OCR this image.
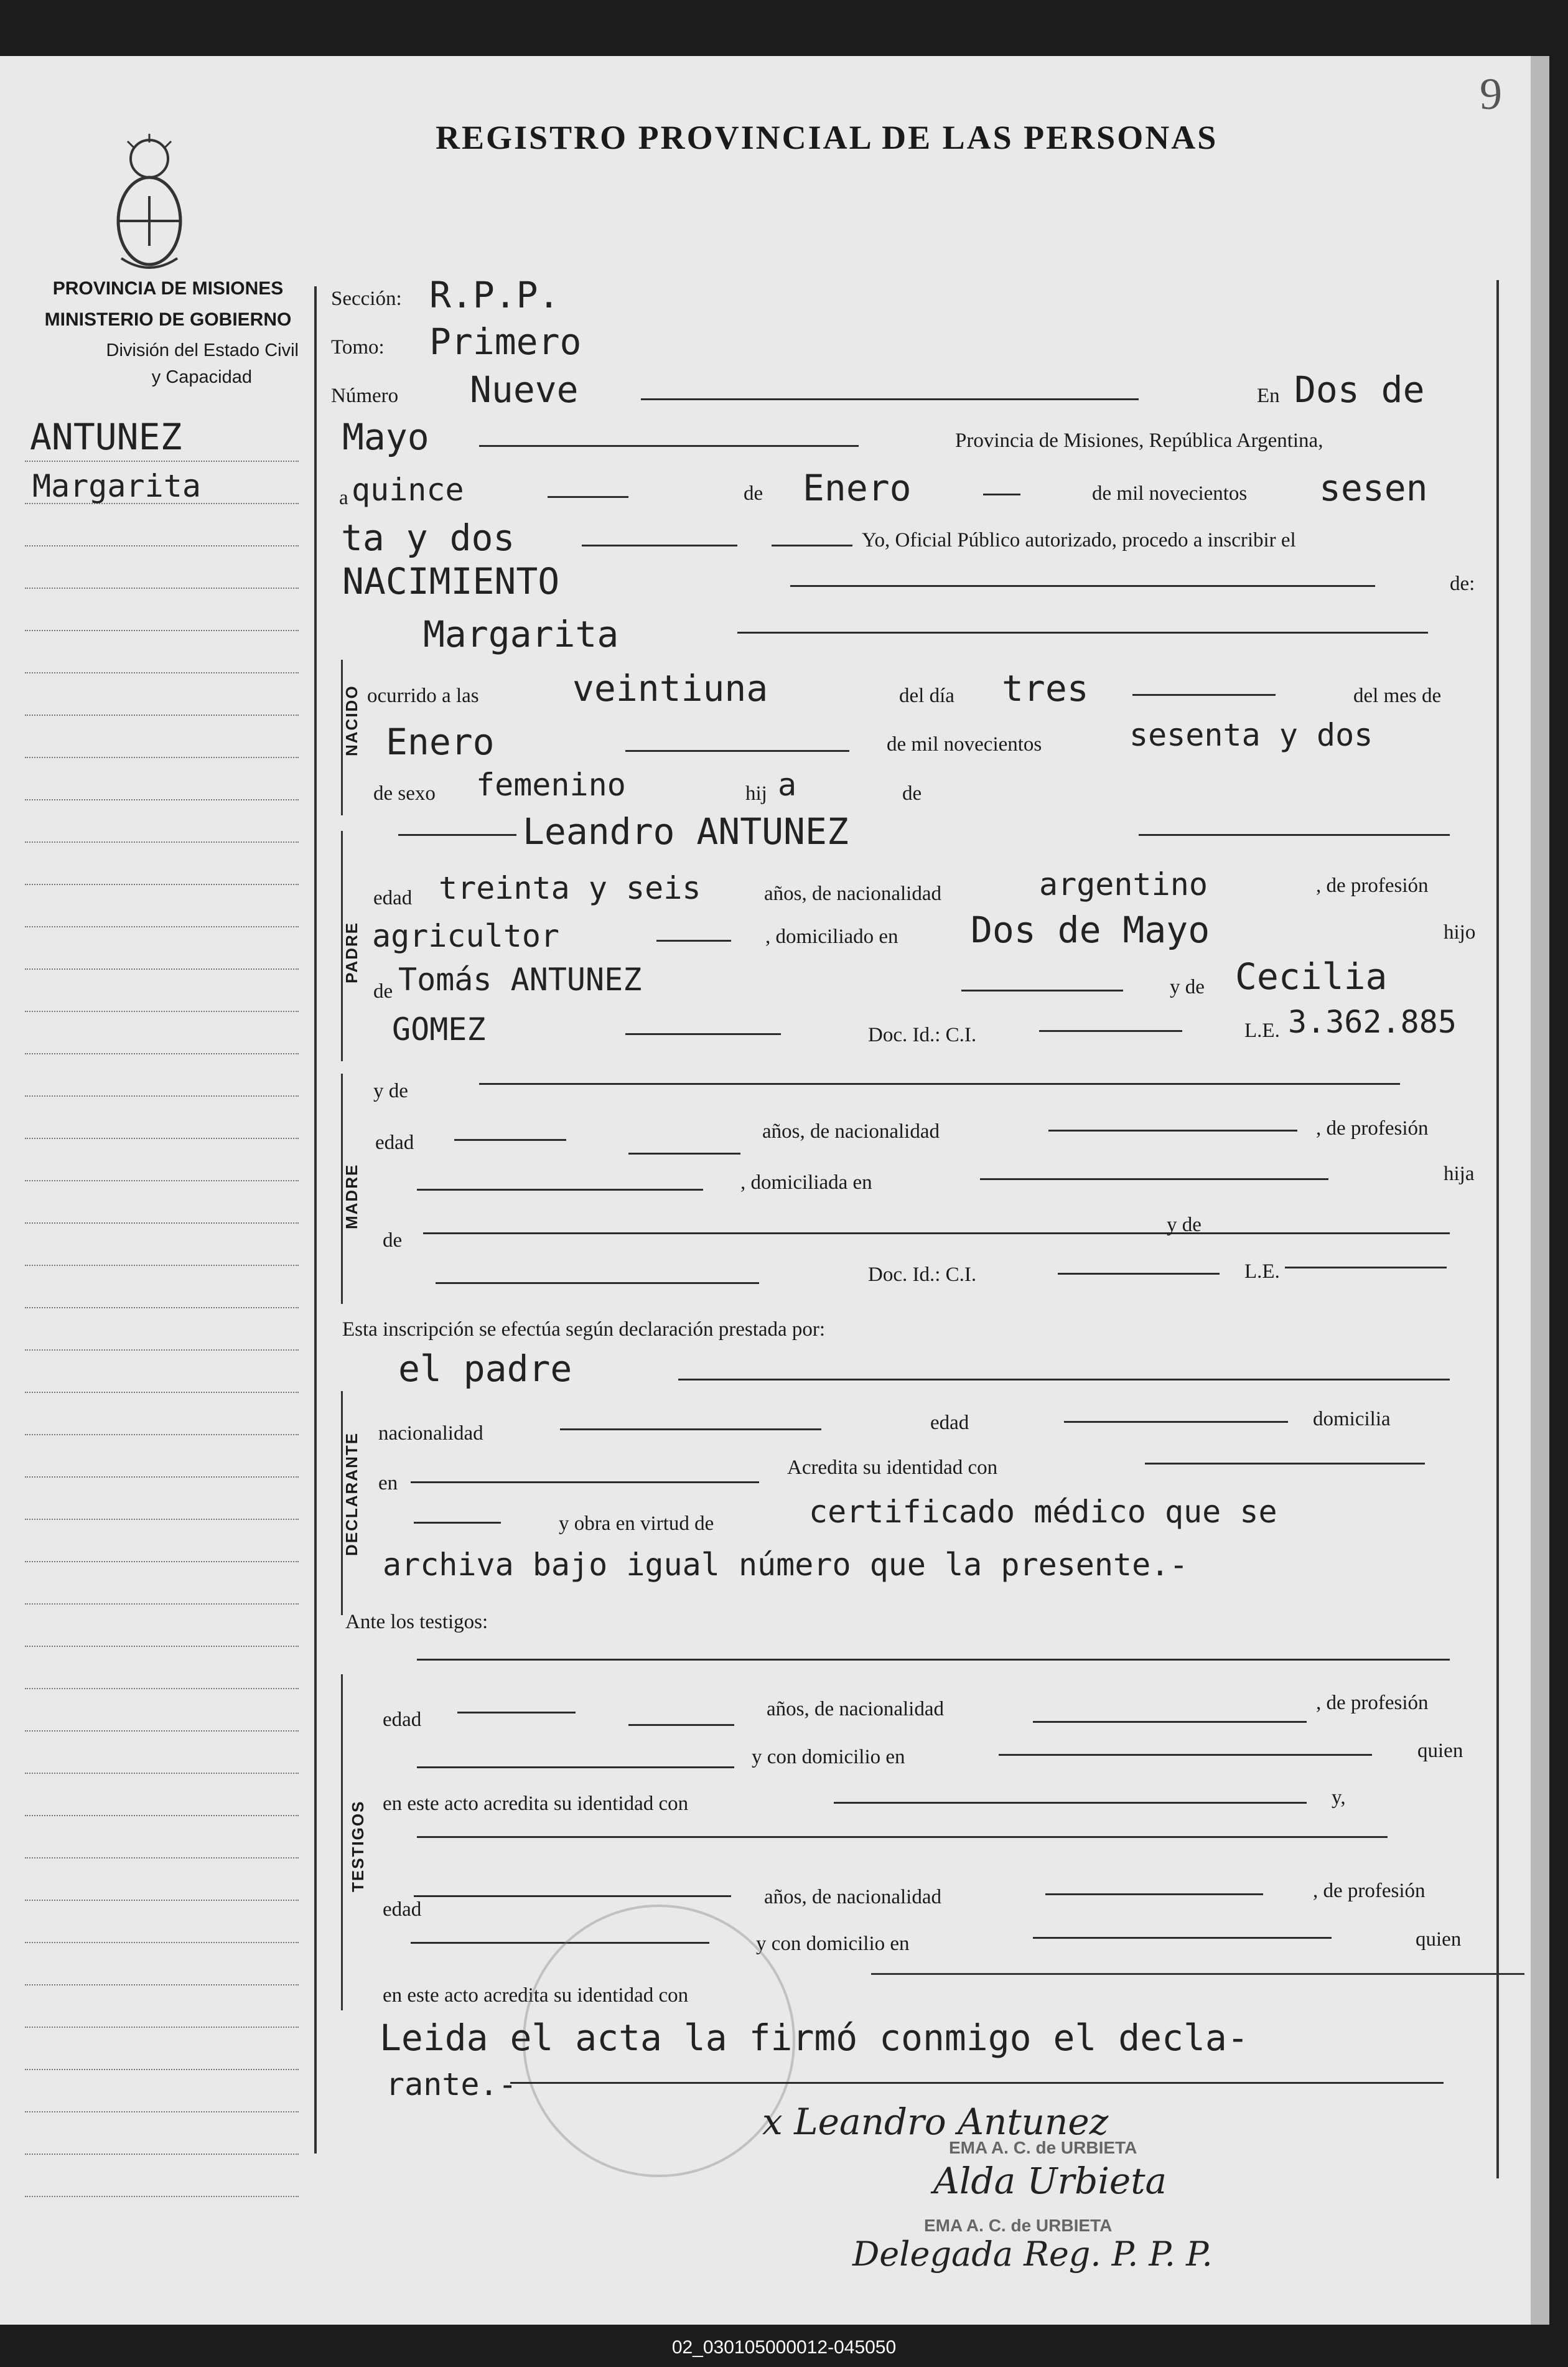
9
REGISTRO PROVINCIAL DE LAS PERSONAS
PROVINCIA DE MISIONES
MINISTERIO DE GOBIERNO
División del Estado Civil
y Capacidad
ANTUNEZ
Margarita
Sección: R.P.P.
Tomo: Primero
Número Nueve	En Dos de
Mayo	Provincia de Misiones, República Argentina,
a quince	de Enero	de mil novecientos sesen
ta y dos	Yo, Oficial Público autorizado, procedo a inscribir el
NACIMIENTO	de:
Margarita
NACIDO ocurrido a las	veintiuna	del día tres	del mes de
Enero	de mil novecientos	sesenta y dos
de sexo femenino	hij a	de
PADRE
Leandro ANTUNEZ
edad treinta y seis	años, de nacionalidad	argentino	, de profesión
agricultor	, domiciliado en Dos de Mayo	hijo
de Tomás ANTUNEZ	y de Cecilia
GOMEZ	Doc. Id.: C.I.	L.E. 3.362.885
MADRE
y de
edad	años, de nacionalidad	, de profesión
, domiciliada en	hija
de
y de
Doc. Id.: C.I.	L.E.
Esta inscripción se efectúa según declaración prestada por:
el padre
DECLARANTE nacionalidad	edad	domicilia
en
Acredita su identidad con
y obra en virtud de	certificado médico que se
archiva bajo igual número que la presente.-
Ante los testigos:
TESTIGOS
edad	años, de nacionalidad	, de profesión
y con domicilio en	quien
en este acto acredita su identidad con	y,
edad
años, de nacionalidad	, de profesión
y con domicilio en	quien
en este acto acredita su identidad con
Leida el acta la firmó conmigo el decla-
rante.-
x Leandro Antunez
EMA A. C. de URBIETA
Alda Urbieta
EMA A. C. de URBIETA
Delegada Reg. P. P. P.
02_030105000012-045050
